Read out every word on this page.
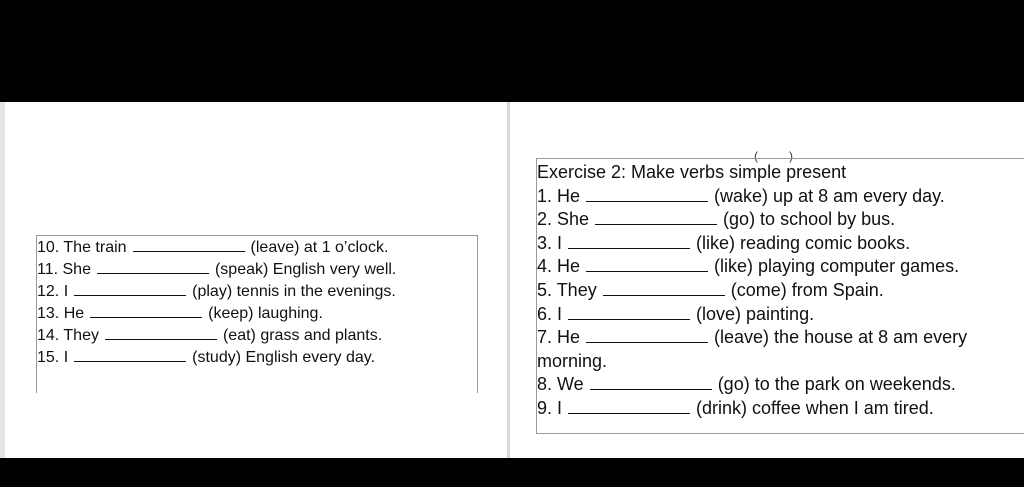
10. The train	(leave) at 1 o’clock.
11. She	(speak) English very well.
12. I	(play) tennis in the evenings.
13. He	(keep) laughing.
14. They	(eat) grass and plants.
15. I	(study) English every day.
(	)
Exercise 2: Make verbs simple present
1. He	(wake) up at 8 am every day.
2. She	(go) to school by bus.
3. I	(like) reading comic books.
4. He	(like) playing computer games.
5. They	(come) from Spain.
6. I	(love) painting.
7. He	(leave) the house at 8 am every
morning.
8. We	(go) to the park on weekends.
9. I	(drink) coffee when I am tired.
